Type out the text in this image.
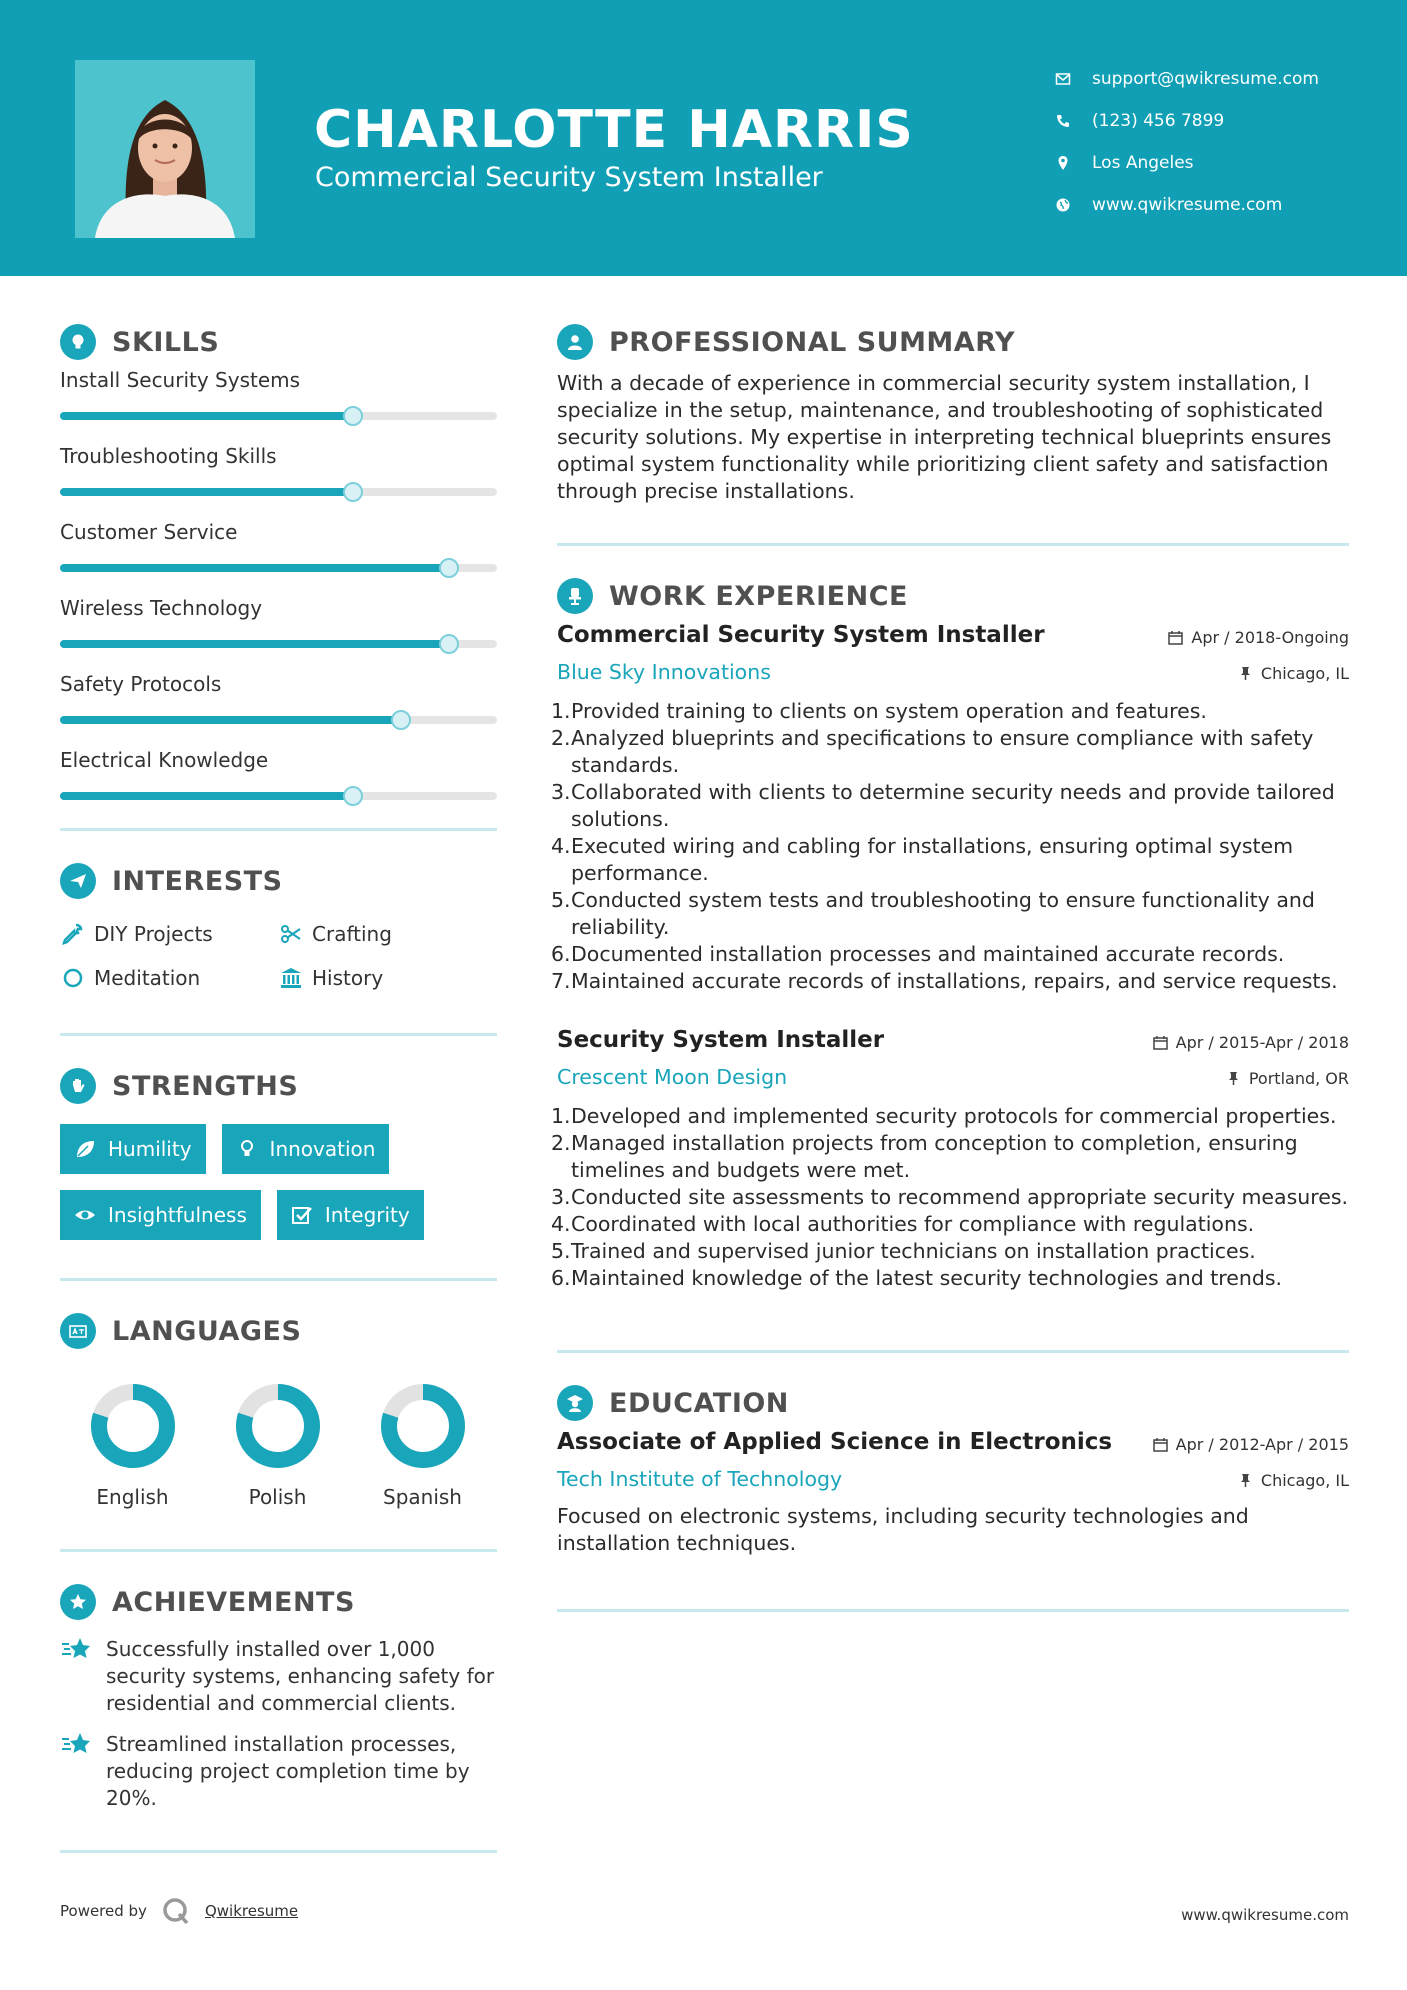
CHARLOTTE HARRIS
Commercial Security System Installer
support@qwikresume.com
(123) 456 7899
Los Angeles
www.qwikresume.com
SKILLS
Install Security Systems
Troubleshooting Skills
Customer Service
Wireless Technology
Safety Protocols
Electrical Knowledge
INTERESTS
DIY Projects	Crafting
Meditation	History
STRENGTHS
Humility	Innovation
Insightfulness	Integrity
LANGUAGES
English	Polish	Spanish
ACHIEVEMENTS
Successfully installed over 1,000 security systems, enhancing safety for residential and commercial clients.
Streamlined installation processes, reducing project completion time by 20%.
PROFESSIONAL SUMMARY
With a decade of experience in commercial security system installation, I specialize in the setup, maintenance, and troubleshooting of sophisticated security solutions. My expertise in interpreting technical blueprints ensures optimal system functionality while prioritizing client safety and satisfaction through precise installations.
WORK EXPERIENCE
Commercial Security System Installer	Apr / 2018-Ongoing
Blue Sky Innovations	Chicago, IL
1. Provided training to clients on system operation and features.
2. Analyzed blueprints and specifications to ensure compliance with safety standards.
3. Collaborated with clients to determine security needs and provide tailored solutions.
4. Executed wiring and cabling for installations, ensuring optimal system performance.
5. Conducted system tests and troubleshooting to ensure functionality and reliability.
6. Documented installation processes and maintained accurate records.
7. Maintained accurate records of installations, repairs, and service requests.
Security System Installer	Apr / 2015-Apr / 2018
Crescent Moon Design	Portland, OR
1. Developed and implemented security protocols for commercial properties.
2. Managed installation projects from conception to completion, ensuring timelines and budgets were met.
3. Conducted site assessments to recommend appropriate security measures.
4. Coordinated with local authorities for compliance with regulations.
5. Trained and supervised junior technicians on installation practices.
6. Maintained knowledge of the latest security technologies and trends.
EDUCATION
Associate of Applied Science in Electronics	Apr / 2012-Apr / 2015
Tech Institute of Technology	Chicago, IL
Focused on electronic systems, including security technologies and installation techniques.
Powered by	Qwikresume	www.qwikresume.com
